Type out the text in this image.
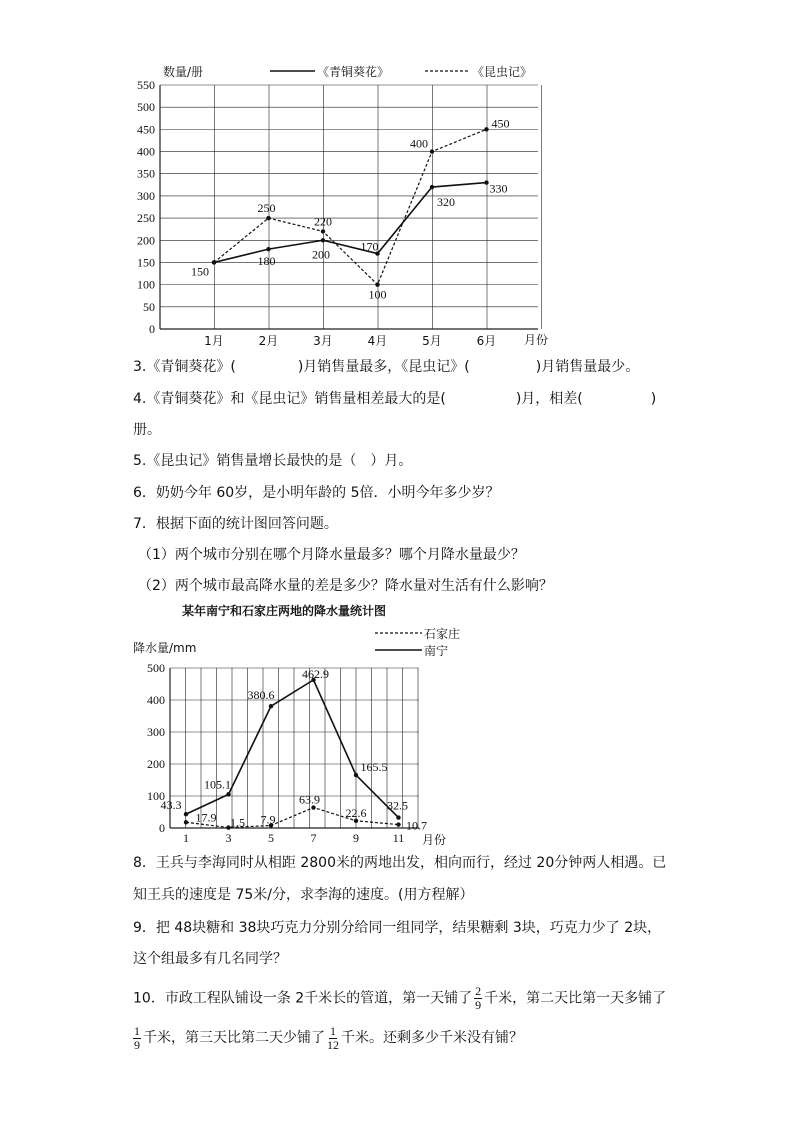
数量/册	《青铜葵花》	《昆虫记》
0
50
100
150
200
250
300
350
400
450
500
550
1月	2月	3月	4月	5月	6月 月份
150
180	200
170
320
330
250
220
100
400
450
3.《青铜葵花》(	)月销售量最多，《昆虫记》(	)月销售量最少。
4.《青铜葵花》和《昆虫记》销售量相差最大的是(	)月，相差(	)
册。
5.《昆虫记》销售量增长最快的是（　）月。
6．奶奶今年 60岁，是小明年龄的 5倍．小明今年多少岁？
7．根据下面的统计图回答问题。
（1）两个城市分别在哪个月降水量最多？哪个月降水量最少？
（2）两个城市最高降水量的差是多少？降水量对生活有什么影响？
某年南宁和石家庄两地的降水量统计图
石家庄
南宁
降水量/mm
0
100
200
300
400
500
1	3	5	7	9	11 月份
43.3
105.1
380.6
462.9
165.5
32.5
17.9 1.5 7.9
63.9
22.6
10.7
8．王兵与李海同时从相距 2800米的两地出发，相向而行，经过 20分钟两人相遇。已
知王兵的速度是 75米/分，求李海的速度。(用方程解）
9．把 48块糖和 38块巧克力分别分给同一组同学，结果糖剩 3块，巧克力少了 2块，
这个组最多有几名同学？
10．市政工程队铺设一条 2千米长的管道，第一天铺了 $\frac{2}{9}$ 千米，第二天比第一天多铺了
$\frac{1}{9}$ 千米，第三天比第二天少铺了 $\frac{1}{12}$ 千米。还剩多少千米没有铺？
